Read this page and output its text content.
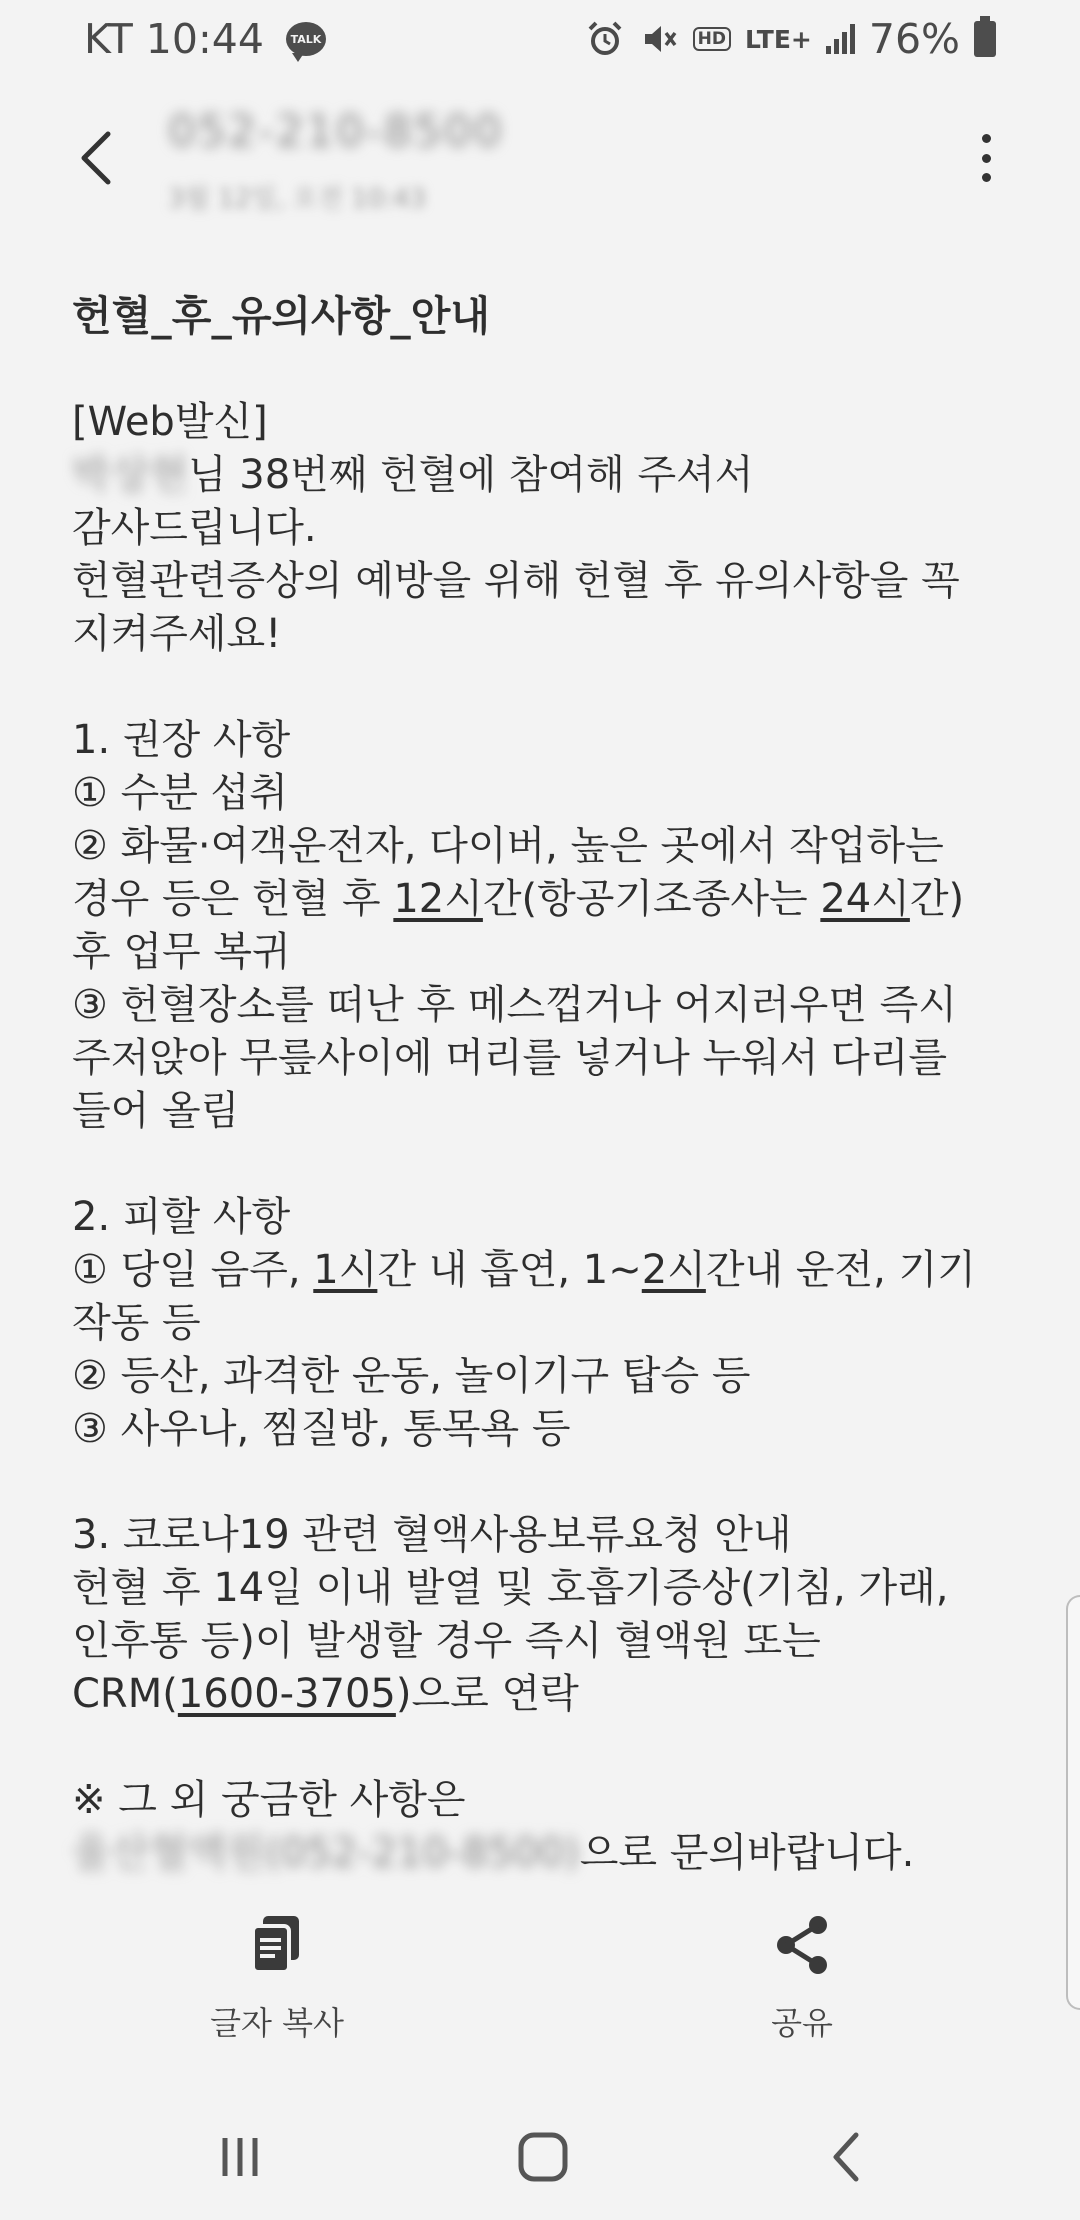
KT 10:44	TALK	HD LTE+ 76%
052-210-8500
3월 12일, 오전 10:43
헌혈_후_유의사항_안내
[Web발신]
박상현님 38번째 헌혈에 참여해 주셔서
감사드립니다.
헌혈관련증상의 예방을 위해 헌혈 후 유의사항을 꼭
지켜주세요!
1. 권장 사항
① 수분 섭취
② 화물·여객운전자, 다이버, 높은 곳에서 작업하는
경우 등은 헌혈 후 12시간(항공기조종사는 24시간)
후 업무 복귀
③ 헌혈장소를 떠난 후 메스껍거나 어지러우면 즉시
주저앉아 무릎사이에 머리를 넣거나 누워서 다리를
들어 올림
2. 피할 사항
① 당일 음주, 1시간 내 흡연, 1~2시간내 운전, 기기
작동 등
② 등산, 과격한 운동, 놀이기구 탑승 등
③ 사우나, 찜질방, 통목욕 등
3. 코로나19 관련 혈액사용보류요청 안내
헌혈 후 14일 이내 발열 및 호흡기증상(기침, 가래,
인후통 등)이 발생할 경우 즉시 혈액원 또는
CRM(1600-3705)으로 연락
※ 그 외 궁금한 사항은
울산혈액원(052-210-8500)으로 문의바랍니다.
글자 복사	공유
